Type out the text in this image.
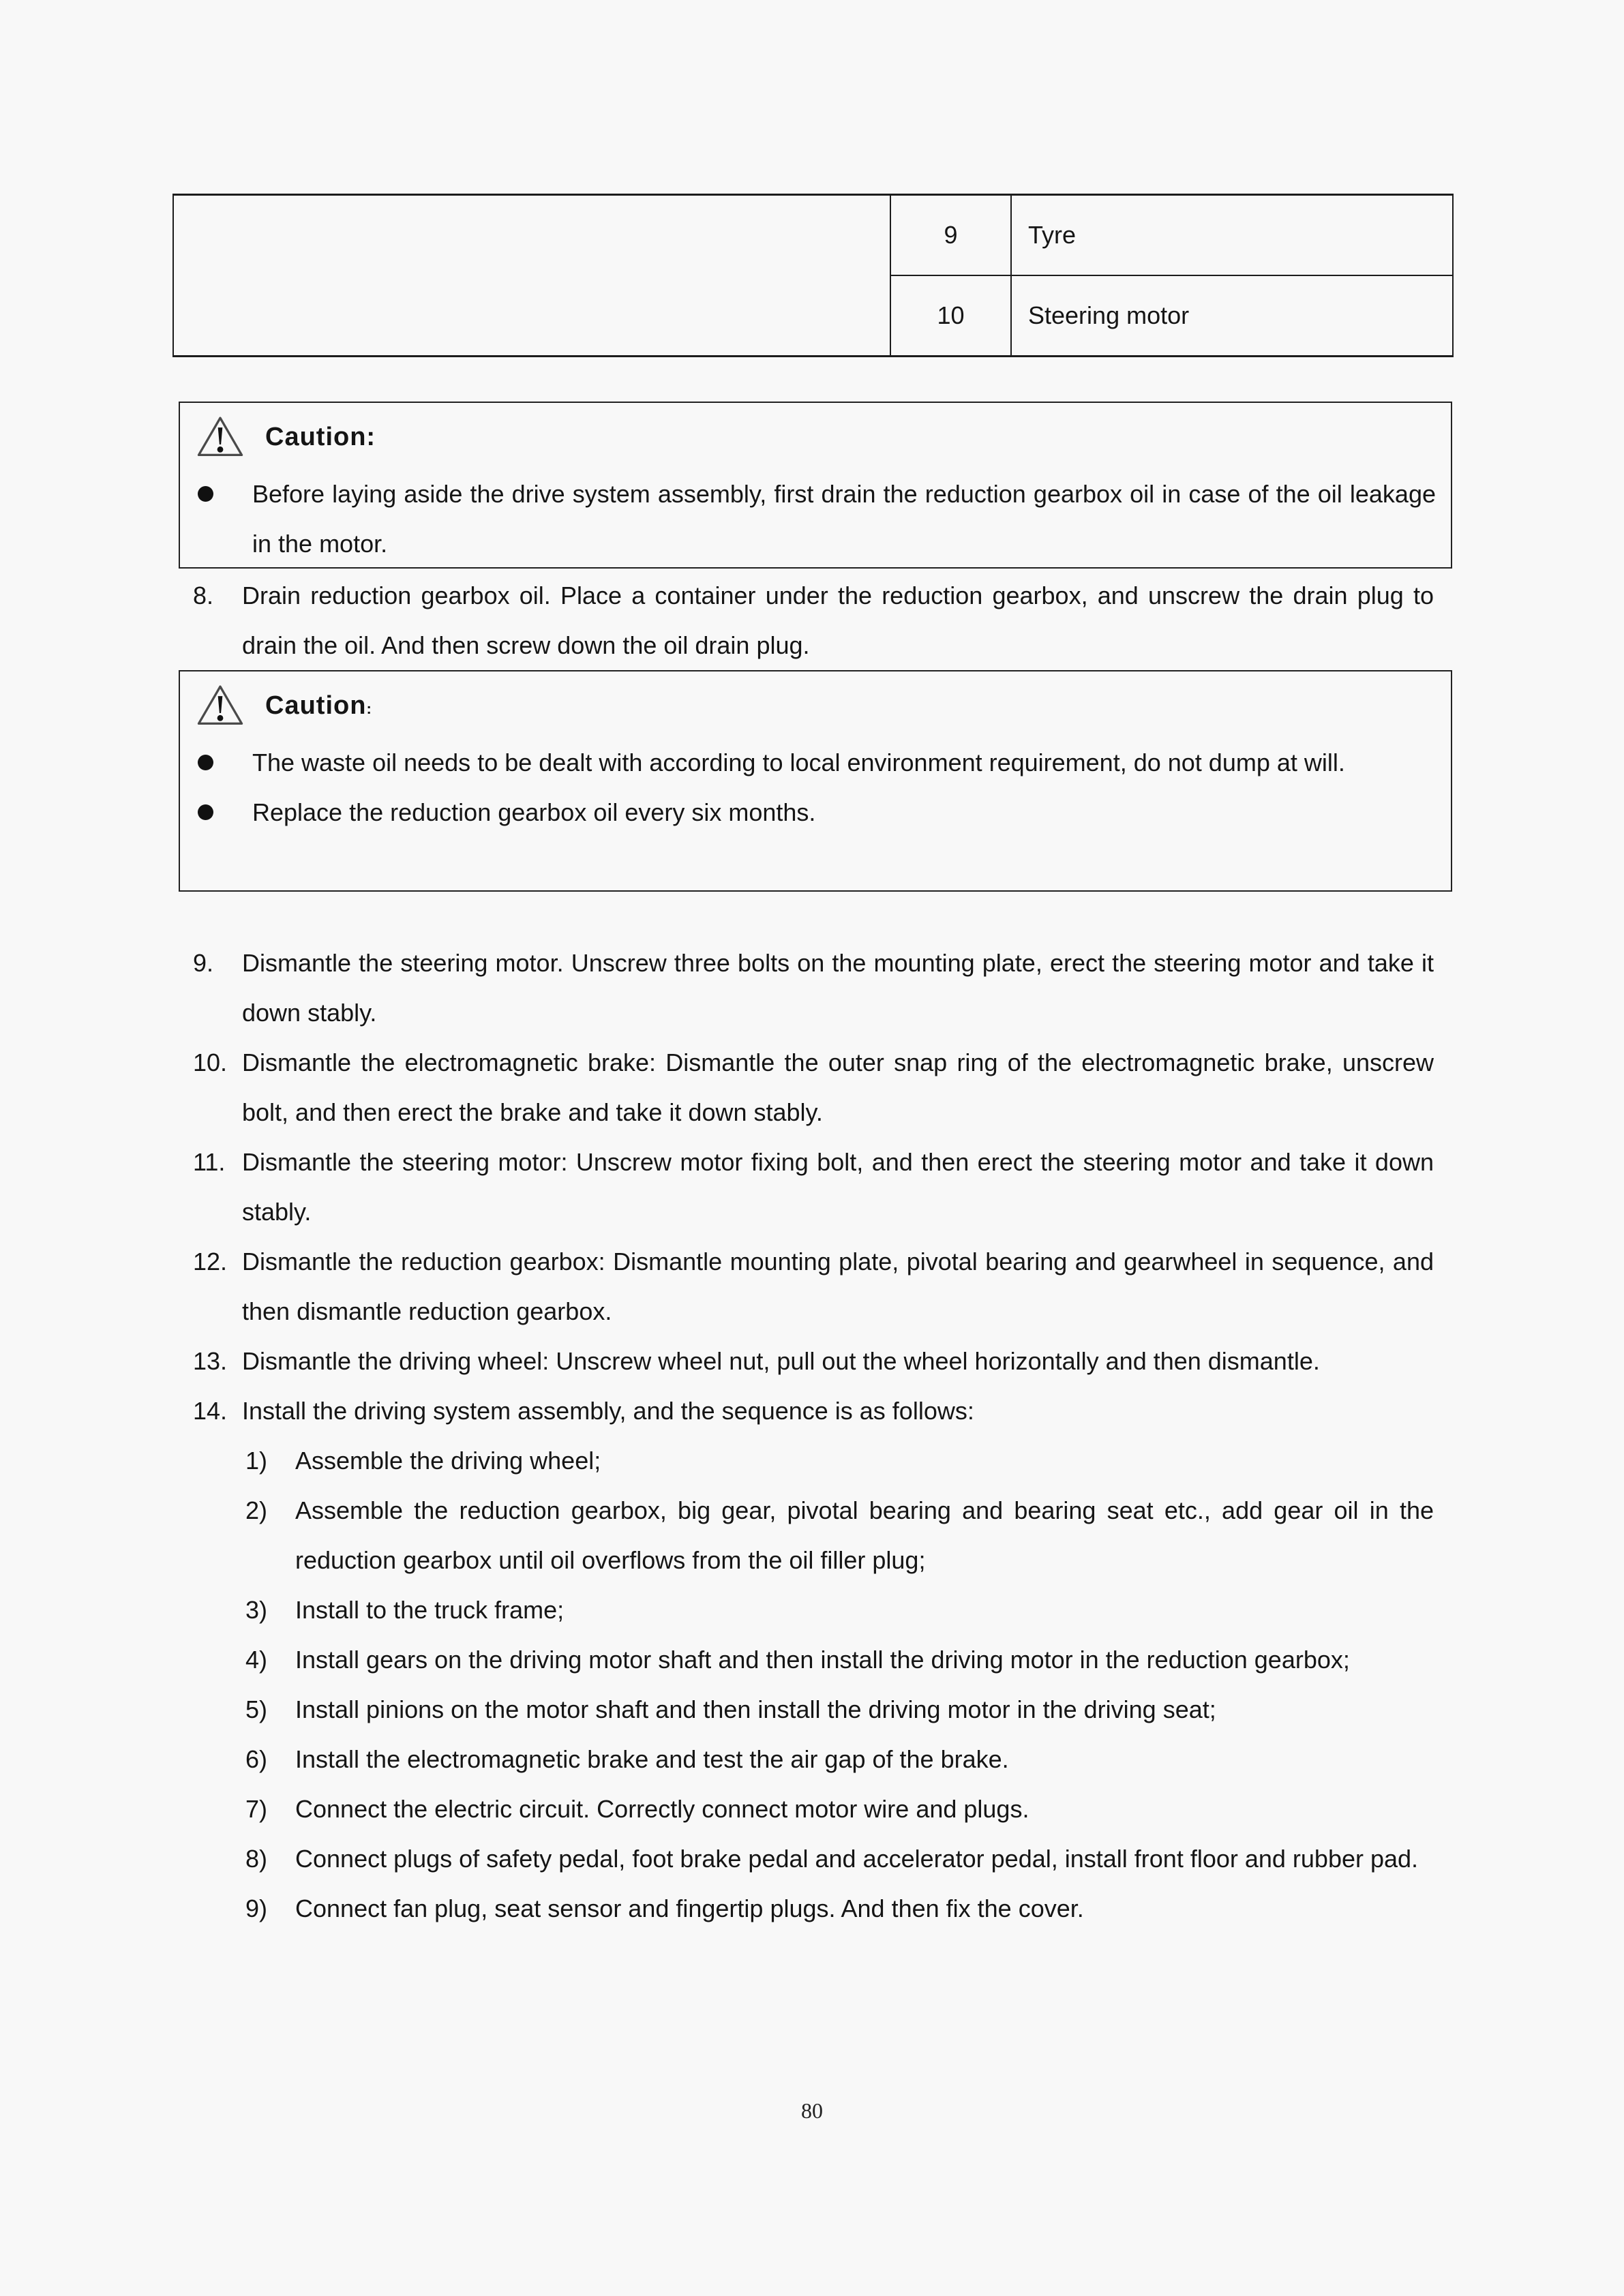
	9	Tyre
	10	Steering motor
Caution:
Before laying aside the drive system assembly, first drain the reduction gearbox oil in case of the oil leakage in the motor.
8. Drain reduction gearbox oil. Place a container under the reduction gearbox, and unscrew the drain plug to drain the oil. And then screw down the oil drain plug.
Caution:
The waste oil needs to be dealt with according to local environment requirement, do not dump at will.
Replace the reduction gearbox oil every six months.
9. Dismantle the steering motor. Unscrew three bolts on the mounting plate, erect the steering motor and take it down stably.
10. Dismantle the electromagnetic brake: Dismantle the outer snap ring of the electromagnetic brake, unscrew bolt, and then erect the brake and take it down stably.
11. Dismantle the steering motor: Unscrew motor fixing bolt, and then erect the steering motor and take it down stably.
12. Dismantle the reduction gearbox: Dismantle mounting plate, pivotal bearing and gearwheel in sequence, and then dismantle reduction gearbox.
13. Dismantle the driving wheel: Unscrew wheel nut, pull out the wheel horizontally and then dismantle.
14. Install the driving system assembly, and the sequence is as follows:
1) Assemble the driving wheel;
2) Assemble the reduction gearbox, big gear, pivotal bearing and bearing seat etc., add gear oil in the reduction gearbox until oil overflows from the oil filler plug;
3) Install to the truck frame;
4) Install gears on the driving motor shaft and then install the driving motor in the reduction gearbox;
5) Install pinions on the motor shaft and then install the driving motor in the driving seat;
6) Install the electromagnetic brake and test the air gap of the brake.
7) Connect the electric circuit. Correctly connect motor wire and plugs.
8) Connect plugs of safety pedal, foot brake pedal and accelerator pedal, install front floor and rubber pad.
9) Connect fan plug, seat sensor and fingertip plugs. And then fix the cover.
80
